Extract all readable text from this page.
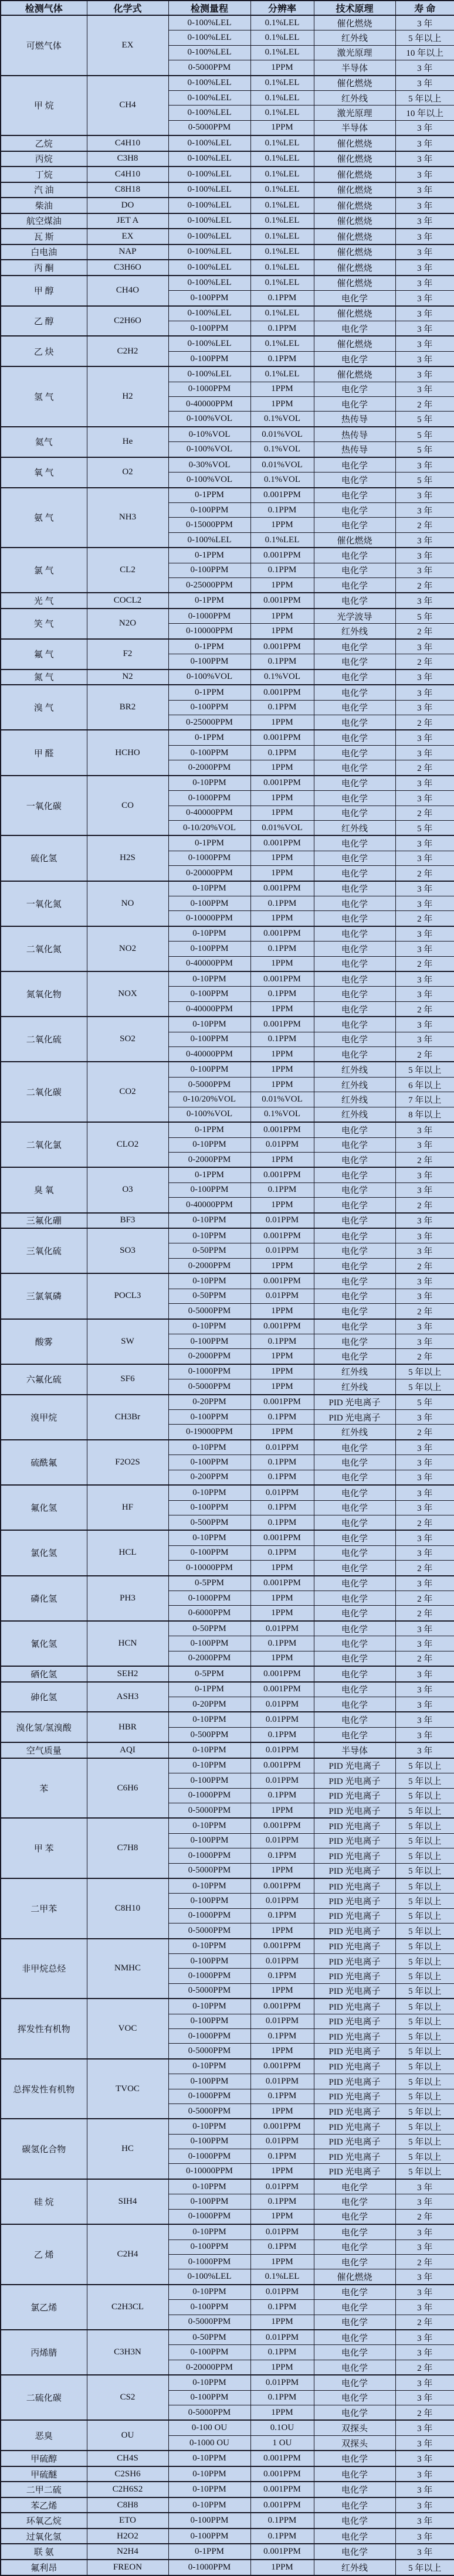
检测气体	化学式	检测量程	分辨率	技术原理	寿 命
可燃气体	EX	0-100%LEL	0.1%LEL	催化燃烧	3 年
		0-100%LEL	0.1%LEL	红外线	5 年以上
		0-100%LEL	0.1%LEL	激光原理	10 年以上
		0-5000PPM	1PPM	半导体	3 年
甲 烷	CH4	0-100%LEL	0.1%LEL	催化燃烧	3 年
		0-100%LEL	0.1%LEL	红外线	5 年以上
		0-100%LEL	0.1%LEL	激光原理	10 年以上
		0-5000PPM	1PPM	半导体	3 年
乙烷	C4H10	0-100%LEL	0.1%LEL	催化燃烧	3 年
丙烷	C3H8	0-100%LEL	0.1%LEL	催化燃烧	3 年
丁烷	C4H10	0-100%LEL	0.1%LEL	催化燃烧	3 年
汽 油	C8H18	0-100%LEL	0.1%LEL	催化燃烧	3 年
柴油	DO	0-100%LEL	0.1%LEL	催化燃烧	3 年
航空煤油	JET A	0-100%LEL	0.1%LEL	催化燃烧	3 年
瓦 斯	EX	0-100%LEL	0.1%LEL	催化燃烧	3 年
白电油	NAP	0-100%LEL	0.1%LEL	催化燃烧	3 年
丙 酮	C3H6O	0-100%LEL	0.1%LEL	催化燃烧	3 年
甲 醇	CH4O	0-100%LEL	0.1%LEL	催化燃烧	3 年
		0-100PPM	0.1PPM	电化学	3 年
乙 醇	C2H6O	0-100%LEL	0.1%LEL	催化燃烧	3 年
		0-100PPM	0.1PPM	电化学	3 年
乙 炔	C2H2	0-100%LEL	0.1%LEL	催化燃烧	3 年
		0-100PPM	0.1PPM	电化学	3 年
氢 气	H2	0-100%LEL	0.1%LEL	催化燃烧	3 年
		0-1000PPM	1PPM	电化学	3 年
		0-40000PPM	1PPM	电化学	2 年
		0-100%VOL	0.1%VOL	热传导	5 年
氦气	He	0-10%VOL	0.01%VOL	热传导	5 年
		0-100%VOL	0.1%VOL	热传导	5 年
氧 气	O2	0-30%VOL	0.01%VOL	电化学	3 年
		0-100%VOL	0.1%VOL	电化学	5 年
氨 气	NH3	0-1PPM	0.001PPM	电化学	3 年
		0-100PPM	0.1PPM	电化学	3 年
		0-15000PPM	1PPM	电化学	2 年
		0-100%LEL	0.1%LEL	催化燃烧	3 年
氯 气	CL2	0-1PPM	0.001PPM	电化学	3 年
		0-100PPM	0.1PPM	电化学	3 年
		0-25000PPM	1PPM	电化学	2 年
光 气	COCL2	0-1PPM	0.001PPM	电化学	3 年
笑 气	N2O	0-1000PPM	1PPM	光学波导	5 年
		0-10000PPM	1PPM	红外线	2 年
氟 气	F2	0-1PPM	0.001PPM	电化学	3 年
		0-100PPM	0.1PPM	电化学	2 年
氮 气	N2	0-100%VOL	0.1%VOL	电化学	3 年
溴 气	BR2	0-1PPM	0.001PPM	电化学	3 年
		0-100PPM	0.1PPM	电化学	3 年
		0-25000PPM	1PPM	电化学	2 年
甲 醛	HCHO	0-1PPM	0.001PPM	电化学	3 年
		0-100PPM	0.1PPM	电化学	3 年
		0-2000PPM	1PPM	电化学	2 年
一氧化碳	CO	0-10PPM	0.001PPM	电化学	3 年
		0-1000PPM	1PPM	电化学	3 年
		0-40000PPM	1PPM	电化学	2 年
		0-10/20%VOL	0.01%VOL	红外线	5 年
硫化氢	H2S	0-1PPM	0.001PPM	电化学	3 年
		0-1000PPM	1PPM	电化学	3 年
		0-20000PPM	1PPM	电化学	2 年
一氧化氮	NO	0-10PPM	0.001PPM	电化学	3 年
		0-100PPM	0.1PPM	电化学	3 年
		0-10000PPM	1PPM	电化学	2 年
二氧化氮	NO2	0-10PPM	0.001PPM	电化学	3 年
		0-100PPM	0.1PPM	电化学	3 年
		0-40000PPM	1PPM	电化学	2 年
氮氧化物	NOX	0-10PPM	0.001PPM	电化学	3 年
		0-100PPM	0.1PPM	电化学	3 年
		0-40000PPM	1PPM	电化学	2 年
二氧化硫	SO2	0-10PPM	0.001PPM	电化学	3 年
		0-100PPM	0.1PPM	电化学	3 年
		0-40000PPM	1PPM	电化学	2 年
二氧化碳	CO2	0-100PPM	1PPM	红外线	5 年以上
		0-5000PPM	1PPM	红外线	6 年以上
		0-10/20%VOL	0.01%VOL	红外线	7 年以上
		0-100%VOL	0.1%VOL	红外线	8 年以上
二氧化氯	CLO2	0-1PPM	0.001PPM	电化学	3 年
		0-10PPM	0.01PPM	电化学	3 年
		0-2000PPM	1PPM	电化学	2 年
臭 氧	O3	0-1PPM	0.001PPM	电化学	3 年
		0-100PPM	0.1PPM	电化学	3 年
		0-40000PPM	1PPM	电化学	2 年
三氟化硼	BF3	0-10PPM	0.01PPM	电化学	3 年
三氧化硫	SO3	0-10PPM	0.001PPM	电化学	3 年
		0-50PPM	0.01PPM	电化学	3 年
		0-2000PPM	1PPM	电化学	2 年
三氯氧磷	POCL3	0-10PPM	0.001PPM	电化学	3 年
		0-50PPM	0.01PPM	电化学	3 年
		0-5000PPM	1PPM	电化学	2 年
酸雾	SW	0-10PPM	0.001PPM	电化学	3 年
		0-100PPM	0.1PPM	电化学	3 年
		0-2000PPM	1PPM	电化学	2 年
六氟化硫	SF6	0-1000PPM	1PPM	红外线	5 年以上
		0-5000PPM	1PPM	红外线	5 年以上
溴甲烷	CH3Br	0-20PPM	0.001PPM	PID 光电离子	5 年
		0-100PPM	0.1PPM	PID 光电离子	3 年
		0-19000PPM	1PPM	红外线	2 年
硫酰氟	F2O2S	0-10PPM	0.01PPM	电化学	3 年
		0-100PPM	0.1PPM	电化学	3 年
		0-200PPM	0.1PPM	电化学	3 年
氟化氢	HF	0-10PPM	0.01PPM	电化学	3 年
		0-100PPM	0.1PPM	电化学	3 年
		0-500PPM	0.1PPM	电化学	2 年
氯化氢	HCL	0-10PPM	0.001PPM	电化学	3 年
		0-100PPM	0.1PPM	电化学	3 年
		0-10000PPM	1PPM	电化学	2 年
磷化氢	PH3	0-5PPM	0.001PPM	电化学	3 年
		0-1000PPM	1PPM	电化学	2 年
		0-6000PPM	1PPM	电化学	2 年
氰化氢	HCN	0-50PPM	0.01PPM	电化学	3 年
		0-100PPM	0.1PPM	电化学	3 年
		0-2000PPM	1PPM	电化学	2 年
硒化氢	SEH2	0-5PPM	0.001PPM	电化学	3 年
砷化氢	ASH3	0-1PPM	0.001PPM	电化学	3 年
		0-20PPM	0.01PPM	电化学	3 年
溴化氢/氢溴酸	HBR	0-10PPM	0.01PPM	电化学	3 年
		0-500PPM	0.1PPM	电化学	3 年
空气质量	AQI	0-10PPM	0.01PPM	半导体	3 年
苯	C6H6	0-10PPM	0.001PPM	PID 光电离子	5 年以上
		0-100PPM	0.01PPM	PID 光电离子	5 年以上
		0-1000PPM	0.1PPM	PID 光电离子	5 年以上
		0-5000PPM	1PPM	PID 光电离子	5 年以上
甲 苯	C7H8	0-10PPM	0.001PPM	PID 光电离子	5 年以上
		0-100PPM	0.01PPM	PID 光电离子	5 年以上
		0-1000PPM	0.1PPM	PID 光电离子	5 年以上
		0-5000PPM	1PPM	PID 光电离子	5 年以上
二甲苯	C8H10	0-10PPM	0.001PPM	PID 光电离子	5 年以上
		0-100PPM	0.01PPM	PID 光电离子	5 年以上
		0-1000PPM	0.1PPM	PID 光电离子	5 年以上
		0-5000PPM	1PPM	PID 光电离子	5 年以上
非甲烷总烃	NMHC	0-10PPM	0.001PPM	PID 光电离子	5 年以上
		0-100PPM	0.01PPM	PID 光电离子	5 年以上
		0-1000PPM	0.1PPM	PID 光电离子	5 年以上
		0-5000PPM	1PPM	PID 光电离子	5 年以上
挥发性有机物	VOC	0-10PPM	0.001PPM	PID 光电离子	5 年以上
		0-100PPM	0.01PPM	PID 光电离子	5 年以上
		0-1000PPM	0.1PPM	PID 光电离子	5 年以上
		0-5000PPM	1PPM	PID 光电离子	5 年以上
总挥发性有机物	TVOC	0-10PPM	0.001PPM	PID 光电离子	5 年以上
		0-100PPM	0.01PPM	PID 光电离子	5 年以上
		0-1000PPM	0.1PPM	PID 光电离子	5 年以上
		0-5000PPM	1PPM	PID 光电离子	5 年以上
碳氢化合物	HC	0-10PPM	0.001PPM	PID 光电离子	5 年以上
		0-100PPM	0.01PPM	PID 光电离子	5 年以上
		0-1000PPM	0.1PPM	PID 光电离子	5 年以上
		0-10000PPM	1PPM	PID 光电离子	5 年以上
硅 烷	SIH4	0-10PPM	0.01PPM	电化学	3 年
		0-100PPM	0.1PPM	电化学	3 年
		0-1000PPM	1PPM	电化学	2 年
乙 烯	C2H4	0-10PPM	0.01PPM	电化学	3 年
		0-100PPM	0.1PPM	电化学	3 年
		0-1000PPM	1PPM	电化学	2 年
		0-100%LEL	0.1%LEL	催化燃烧	3 年
氯乙烯	C2H3CL	0-10PPM	0.01PPM	电化学	3 年
		0-100PPM	0.1PPM	电化学	3 年
		0-5000PPM	1PPM	电化学	2 年
丙烯腈	C3H3N	0-50PPM	0.01PPM	电化学	3 年
		0-100PPM	0.1PPM	电化学	3 年
		0-20000PPM	1PPM	电化学	2 年
二硫化碳	CS2	0-10PPM	0.01PPM	电化学	3 年
		0-100PPM	0.1PPM	电化学	3 年
		0-5000PPM	1PPM	电化学	2 年
恶臭	OU	0-100 OU	0.1OU	双探头	3 年
		0-1000 OU	1 OU	双探头	3 年
甲硫醇	CH4S	0-10PPM	0.001PPM	电化学	3 年
甲硫醚	C2SH6	0-10PPM	0.001PPM	电化学	3 年
二甲二硫	C2H6S2	0-10PPM	0.001PPM	电化学	3 年
苯乙烯	C8H8	0-10PPM	0.001PPM	电化学	3 年
环氧乙烷	ETO	0-100PPM	0.1PPM	电化学	3 年
过氧化氢	H2O2	0-100PPM	0.1PPM	电化学	3 年
联 氨	N2H4	0-1PPM	0.001PPM	电化学	3 年
氟利昂	FREON	0-1000PPM	1PPM	红外线	5 年以上
